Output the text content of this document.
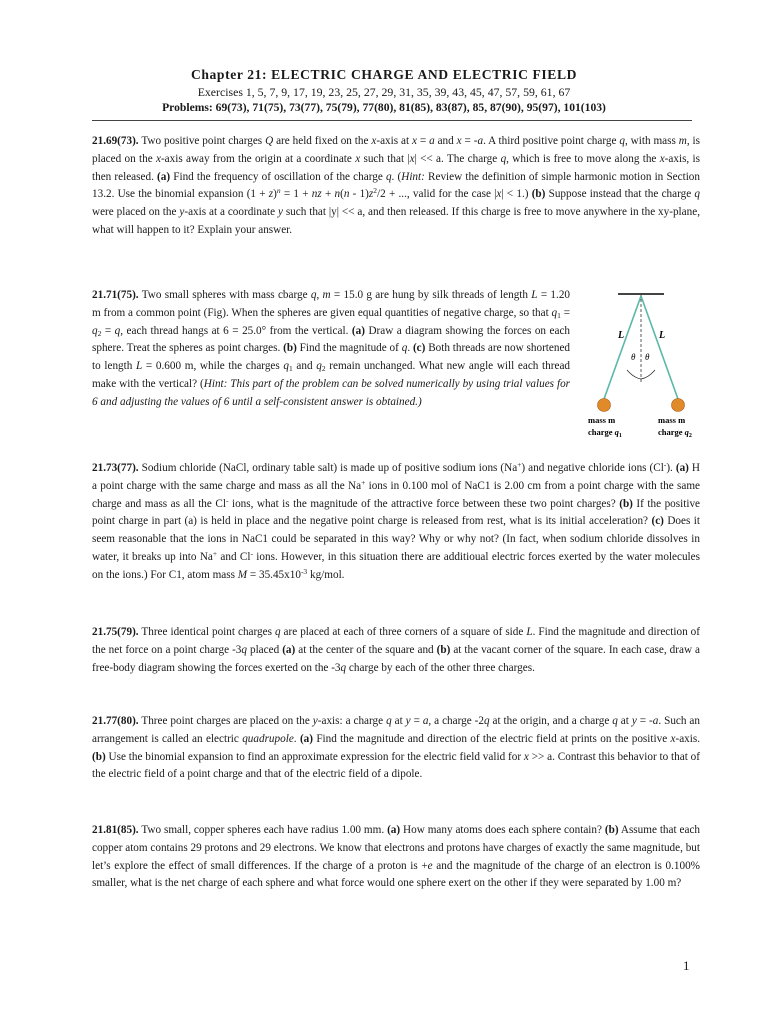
Chapter 21: ELECTRIC CHARGE AND ELECTRIC FIELD
Exercises 1, 5, 7, 9, 17, 19, 23, 25, 27, 29, 31, 35, 39, 43, 45, 47, 57, 59, 61, 67
Problems: 69(73), 71(75), 73(77), 75(79), 77(80), 81(85), 83(87), 85, 87(90), 95(97), 101(103)

21.69(73). Two positive point charges Q are held fixed on the x-axis at x = a and x = -a. A third positive point charge q, with mass m, is placed on the x-axis away from the origin at a coordinate x such that |x| << a. The charge q, which is free to move along the x-axis, is then released. (a) Find the frequency of oscillation of the charge q. (Hint: Review the definition of simple harmonic motion in Section 13.2. Use the binomial expansion $(1 + z)^n = 1$ + nz + $n(n - 1)z^2/2$ + ..., valid for the case |x| < 1.) (b) Suppose instead that the charge q were placed on the y-axis at a coordinate y such that |y| << a, and then released. If this charge is free to move anywhere in the xy-plane, what will happen to it? Explain your answer.

21.71(75). Two small spheres with mass cbarge q, m = 15.0 g are hung by silk threads of length L = 1.20 m from a common point (Fig). When the spheres are given equal quantities of negative charge, so that $q_1 = q_2 = q$, each thread hangs at 6 = 25.0° from the vertical. (a) Draw a diagram showing the forces on each sphere. Treat the spheres as point charges. (b) Find the magnitude of q. (c) Both threads are now shortened to length L = 0.600 m, while the charges $q_1$ and $q_2$ remain unchanged. What new angle will each thread make with the vertical? (Hint: This part of the problem can be solved numerically by using trial values for 6 and adjusting the values of 6 until a self-consistent answer is obtained.)

L	L
θ θ
mass m
charge $q_1$
mass m
charge $q_2$

21.73(77). Sodium chloride (NaCl, ordinary table salt) is made up of positive sodium ions (Na+) and negative chloride ions (Cl-). (a) H a point charge with the same charge and mass as all the Na+ ions in 0.100 mol of NaC1 is 2.00 cm from a point charge with the same charge and mass as all the Cl- ions, what is the magnitude of the attractive force between these two point charges? (b) If the positive point charge in part (a) is held in place and the negative point charge is released from rest, what is its initial acceleration? (c) Does it seem reasonable that the ions in NaC1 could be separated in this way? Why or why not? (In fact, when sodium chloride dissolves in water, it breaks up into Na+ and Cl- ions. However, in this situation there are additioual electric forces exerted by the water molecules on the ions.) For C1, atom mass $M = 35.45x10^{-3}$ kg/mol.

21.75(79). Three identical point charges q are placed at each of three corners of a square of side L. Find the magnitude and direction of the net force on a point charge -3q placed (a) at the center of the square and (b) at the vacant corner of the square. In each case, draw a free-body diagram showing the forces exerted on the -3q charge by each of the other three charges.

21.77(80). Three point charges are placed on the y-axis: a charge q at y = a, a charge -2q at the origin, and a charge q at y = -a. Such an arrangement is called an electric quadrupole. (a) Find the magnitude and direction of the electric field at prints on the positive x-axis. (b) Use the binomial expansion to find an approximate expression for the electric field valid for x >> a. Contrast this behavior to that of the electric field of a point charge and that of the electric field of a dipole.

21.81(85). Two small, copper spheres each have radius 1.00 mm. (a) How many atoms does each sphere contain? (b) Assume that each copper atom contains 29 protons and 29 electrons. We know that electrons and protons have charges of exactly the same magnitude, but let’s explore the effect of small differences. If the charge of a proton is +e and the magnitude of the charge of an electron is 0.100% smaller, what is the net charge of each sphere and what force would one sphere exert on the other if they were separated by 1.00 m?

1
